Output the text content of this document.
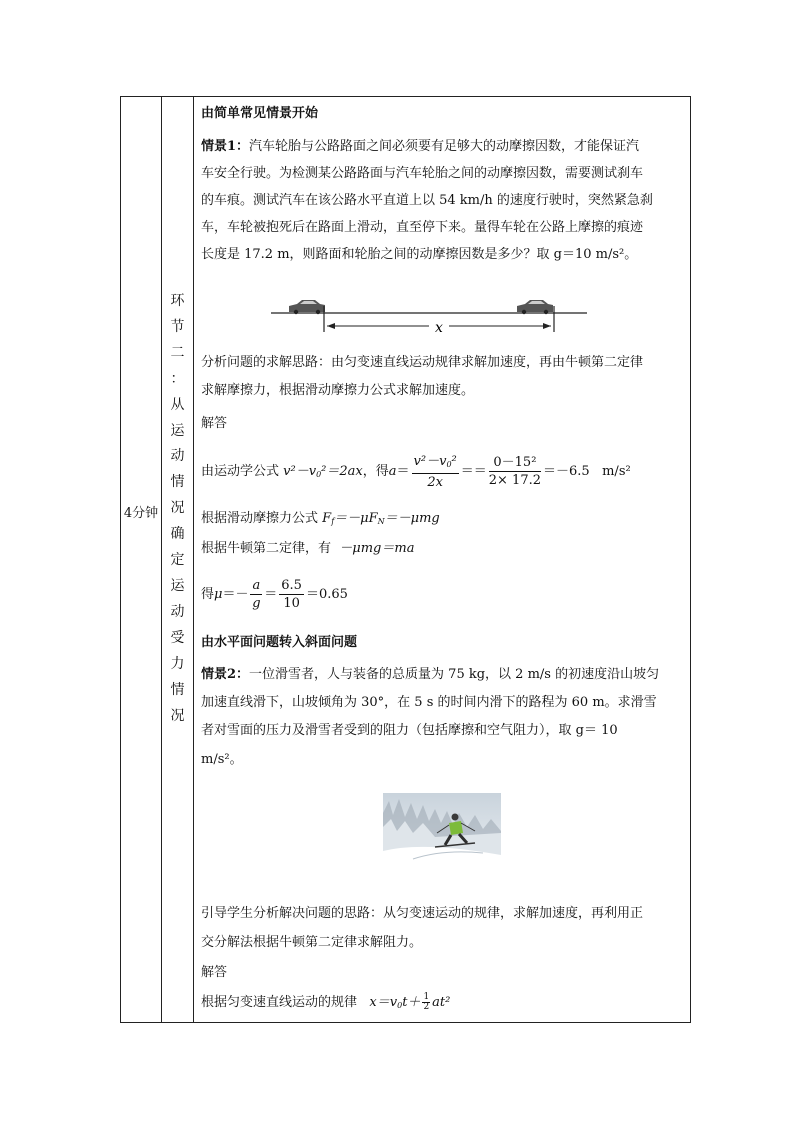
4分钟
环
节
二
：
从
运
动
情
况
确
定
运
动
受
力
情
况
由简单常见情景开始
情景1：汽车轮胎与公路路面之间必须要有足够大的动摩擦因数，才能保证汽
车安全行驶。为检测某公路路面与汽车轮胎之间的动摩擦因数，需要测试刹车
的车痕。测试汽车在该公路水平直道上以 54 km/h 的速度行驶时，突然紧急刹
车，车轮被抱死后在路面上滑动，直至停下来。量得车轮在公路上摩擦的痕迹
长度是 17.2 m，则路面和轮胎之间的动摩擦因数是多少？取 g＝10 m/s²。
x
分析问题的求解思路：由匀变速直线运动规律求解加速度，再由牛顿第二定律
求解摩擦力，根据滑动摩擦力公式求解加速度。
解答
由运动学公式 $v^2-v_0^2=2ax$，得$a= \frac{v^2-v_0^2}{2x} == \frac{\text{0－15²}}{2\times 17.2} =-6.5$ m/s²
根据滑动摩擦力公式 $F_f=-\mu F_N=-\mu mg$
根据牛顿第二定律，有 －μmg＝ma
得$\mu=- \frac{a}{g} = \frac{6.5}{10} =0.65$
由水平面问题转入斜面问题
情景2：一位滑雪者，人与装备的总质量为 75 kg，以 2 m/s 的初速度沿山坡匀
加速直线滑下，山坡倾角为 30°，在 5 s 的时间内滑下的路程为 60 m。求滑雪
者对雪面的压力及滑雪者受到的阻力（包括摩擦和空气阻力），取 g＝ 10
m/s²。
引导学生分析解决问题的思路：从匀变速运动的规律，求解加速度，再利用正
交分解法根据牛顿第二定律求解阻力。
解答
根据匀变速直线运动的规律 $x=v_0t+ \frac{1}{2} at^2$
